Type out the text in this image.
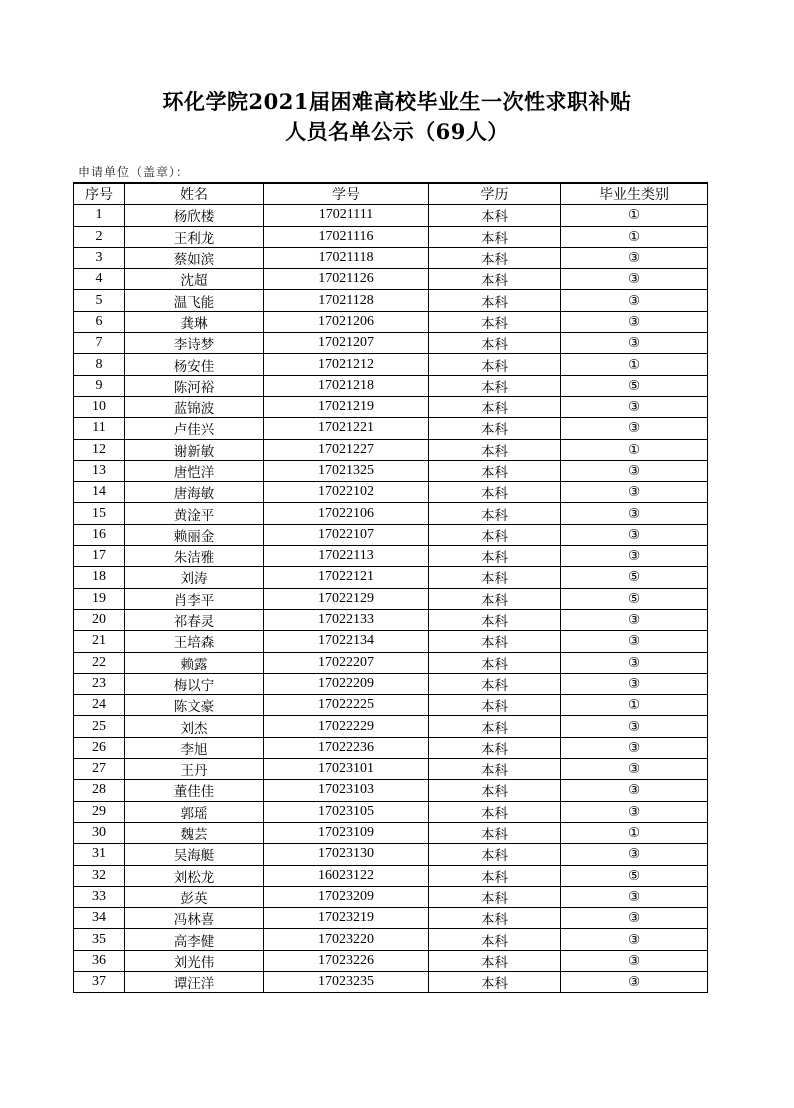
环化学院2021届困难高校毕业生一次性求职补贴
人员名单公示（69人）
申请单位（盖章）：
序号	姓名	学号	学历	毕业生类别
1	杨欣楼	17021111	本科	①
2	王利龙	17021116	本科	①
3	蔡如滨	17021118	本科	③
4	沈超	17021126	本科	③
5	温飞能	17021128	本科	③
6	龚琳	17021206	本科	③
7	李诗梦	17021207	本科	③
8	杨安佳	17021212	本科	①
9	陈河裕	17021218	本科	⑤
10	蓝锦波	17021219	本科	③
11	卢佳兴	17021221	本科	③
12	谢新敏	17021227	本科	①
13	唐恺洋	17021325	本科	③
14	唐海敏	17022102	本科	③
15	黄淦平	17022106	本科	③
16	赖丽金	17022107	本科	③
17	朱洁雅	17022113	本科	③
18	刘涛	17022121	本科	⑤
19	肖李平	17022129	本科	⑤
20	祁春灵	17022133	本科	③
21	王培森	17022134	本科	③
22	赖露	17022207	本科	③
23	梅以宁	17022209	本科	③
24	陈文豪	17022225	本科	①
25	刘杰	17022229	本科	③
26	李旭	17022236	本科	③
27	王丹	17023101	本科	③
28	董佳佳	17023103	本科	③
29	郭瑶	17023105	本科	③
30	魏芸	17023109	本科	①
31	吴海艇	17023130	本科	③
32	刘松龙	16023122	本科	⑤
33	彭英	17023209	本科	③
34	冯林喜	17023219	本科	③
35	高李健	17023220	本科	③
36	刘光伟	17023226	本科	③
37	谭汪洋	17023235	本科	③
